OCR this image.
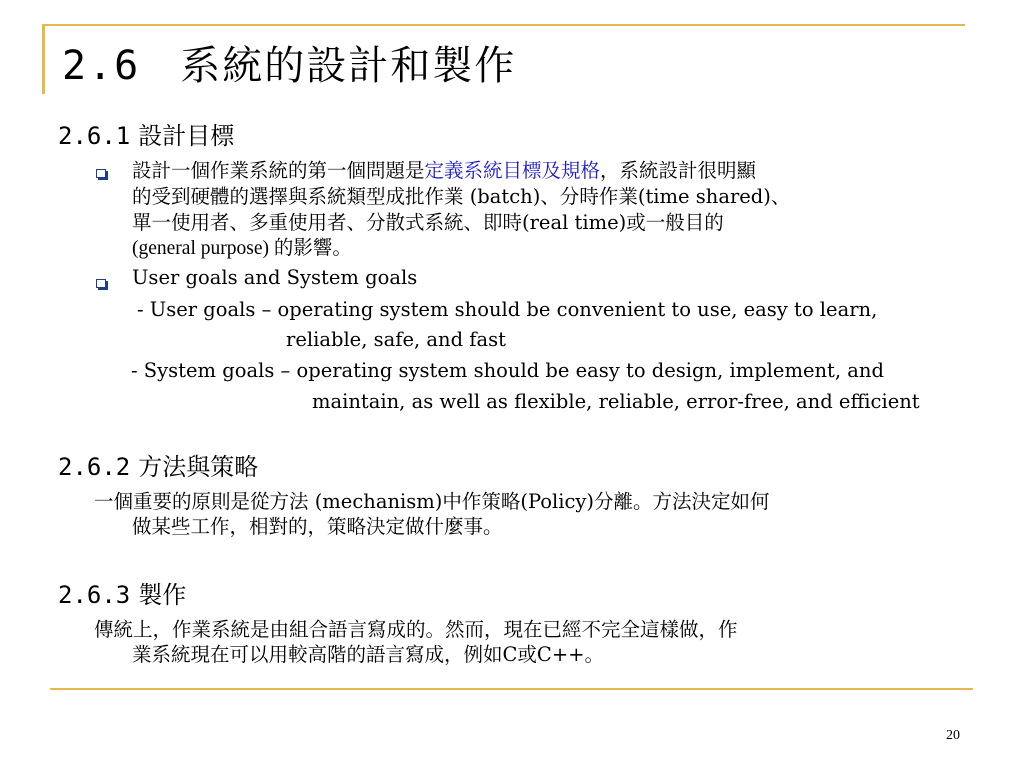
2.6 系統的設計和製作
2.6.1 設計目標
設計一個作業系統的第一個問題是定義系統目標及規格，系統設計很明顯
的受到硬體的選擇與系統類型成批作業 (batch)、分時作業(time shared)、
單一使用者、多重使用者、分散式系統、即時(real time)或一般目的
(general purpose) 的影響。
User goals and System goals
- User goals – operating system should be convenient to use, easy to learn,
reliable, safe, and fast
- System goals – operating system should be easy to design, implement, and
maintain, as well as flexible, reliable, error-free, and efficient
2.6.2 方法與策略
一個重要的原則是從方法 (mechanism)中作策略(Policy)分離。方法決定如何
做某些工作，相對的，策略決定做什麼事。
2.6.3 製作
傳統上，作業系統是由組合語言寫成的。然而，現在已經不完全這樣做，作
業系統現在可以用較高階的語言寫成，例如C或C++。
20
